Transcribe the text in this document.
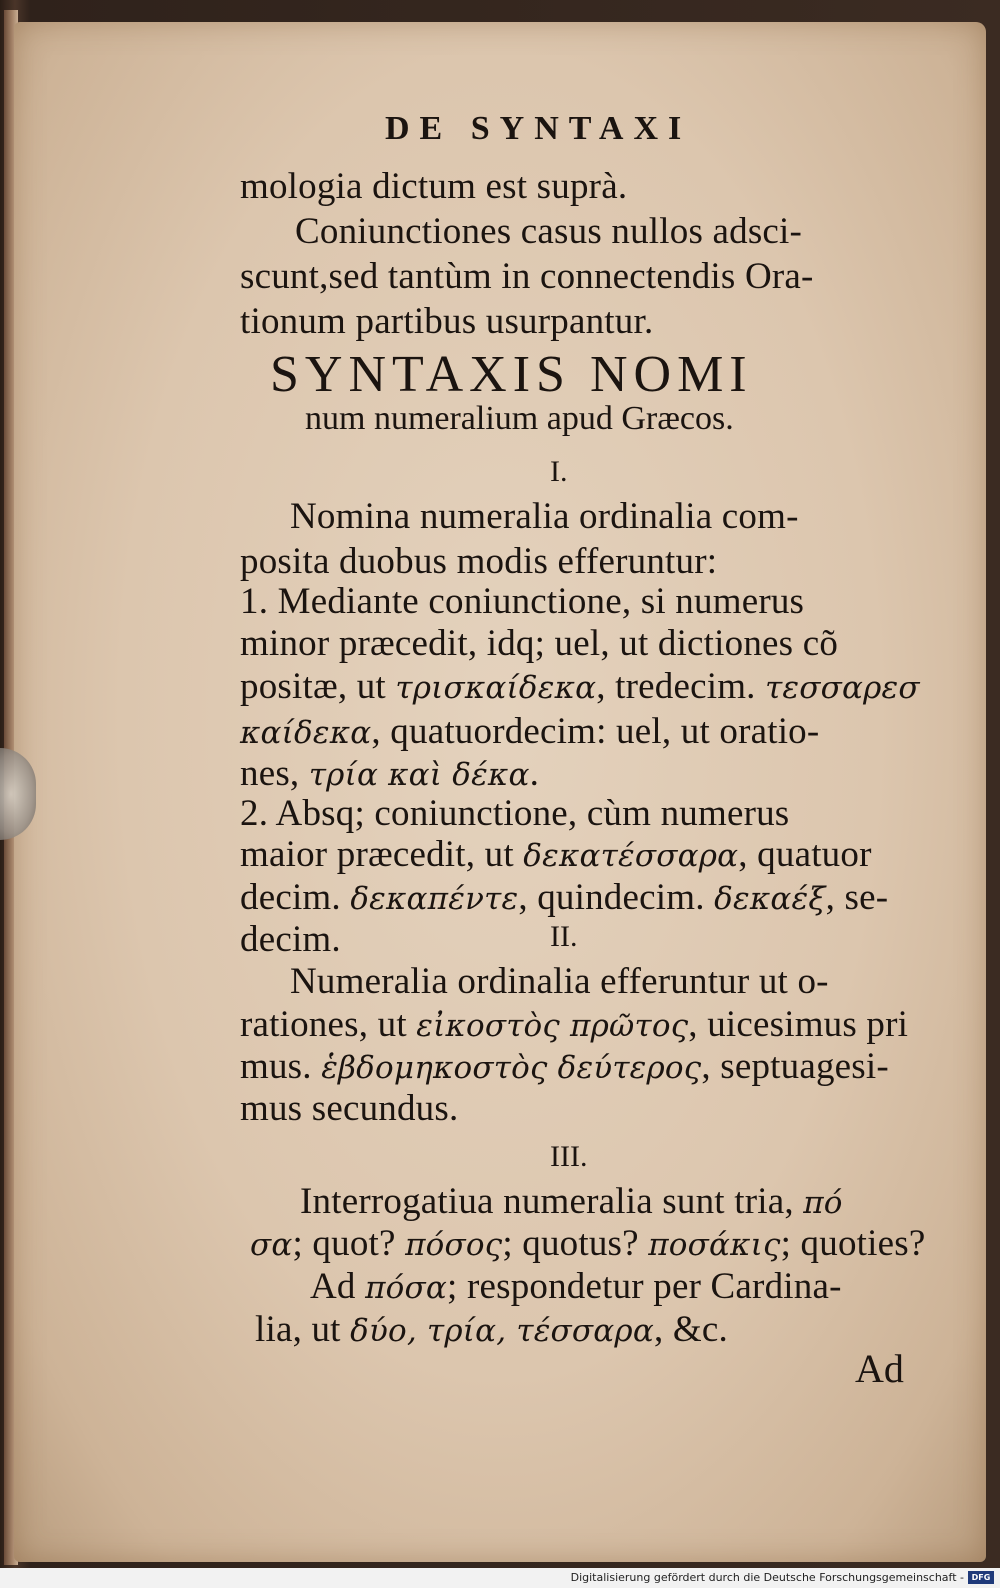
DE SYNTAXI
mologia dictum est suprà.
Coniunctiones casus nullos adsci-
scunt,sed tantùm in connectendis Ora-
tionum partibus usurpantur.
SYNTAXIS NOMI
num numeralium apud Græcos.
I.
Nomina numeralia ordinalia com-
posita duobus modis efferuntur:
1. Mediante coniunctione, si numerus
minor præcedit, idq; uel, ut dictiones cõ
positæ, ut τρισκαίδεκα, tredecim. τεσσαρεσ
καίδεκα, quatuordecim: uel, ut oratio-
nes, τρία καὶ δέκα.
2. Absq; coniunctione, cùm numerus
maior præcedit, ut δεκατέσσαρα, quatuor
decim. δεκαπέντε, quindecim. δεκαέξ, se-
decim.	II.
Numeralia ordinalia efferuntur ut o-
rationes, ut εἰκοστὸς πρῶτος, uicesimus pri
mus. ἑβδομηκοστὸς δεύτερος, septuagesi-
mus secundus.
III.
Interrogatiua numeralia sunt tria, πό
σα; quot? πόσος; quotus? ποσάκις; quoties?
Ad πόσα; respondetur per Cardina-
lia, ut δύο, τρία, τέσσαρα, &c.
Ad
Digitalisierung gefördert durch die Deutsche Forschungsgemeinschaft - DFG
